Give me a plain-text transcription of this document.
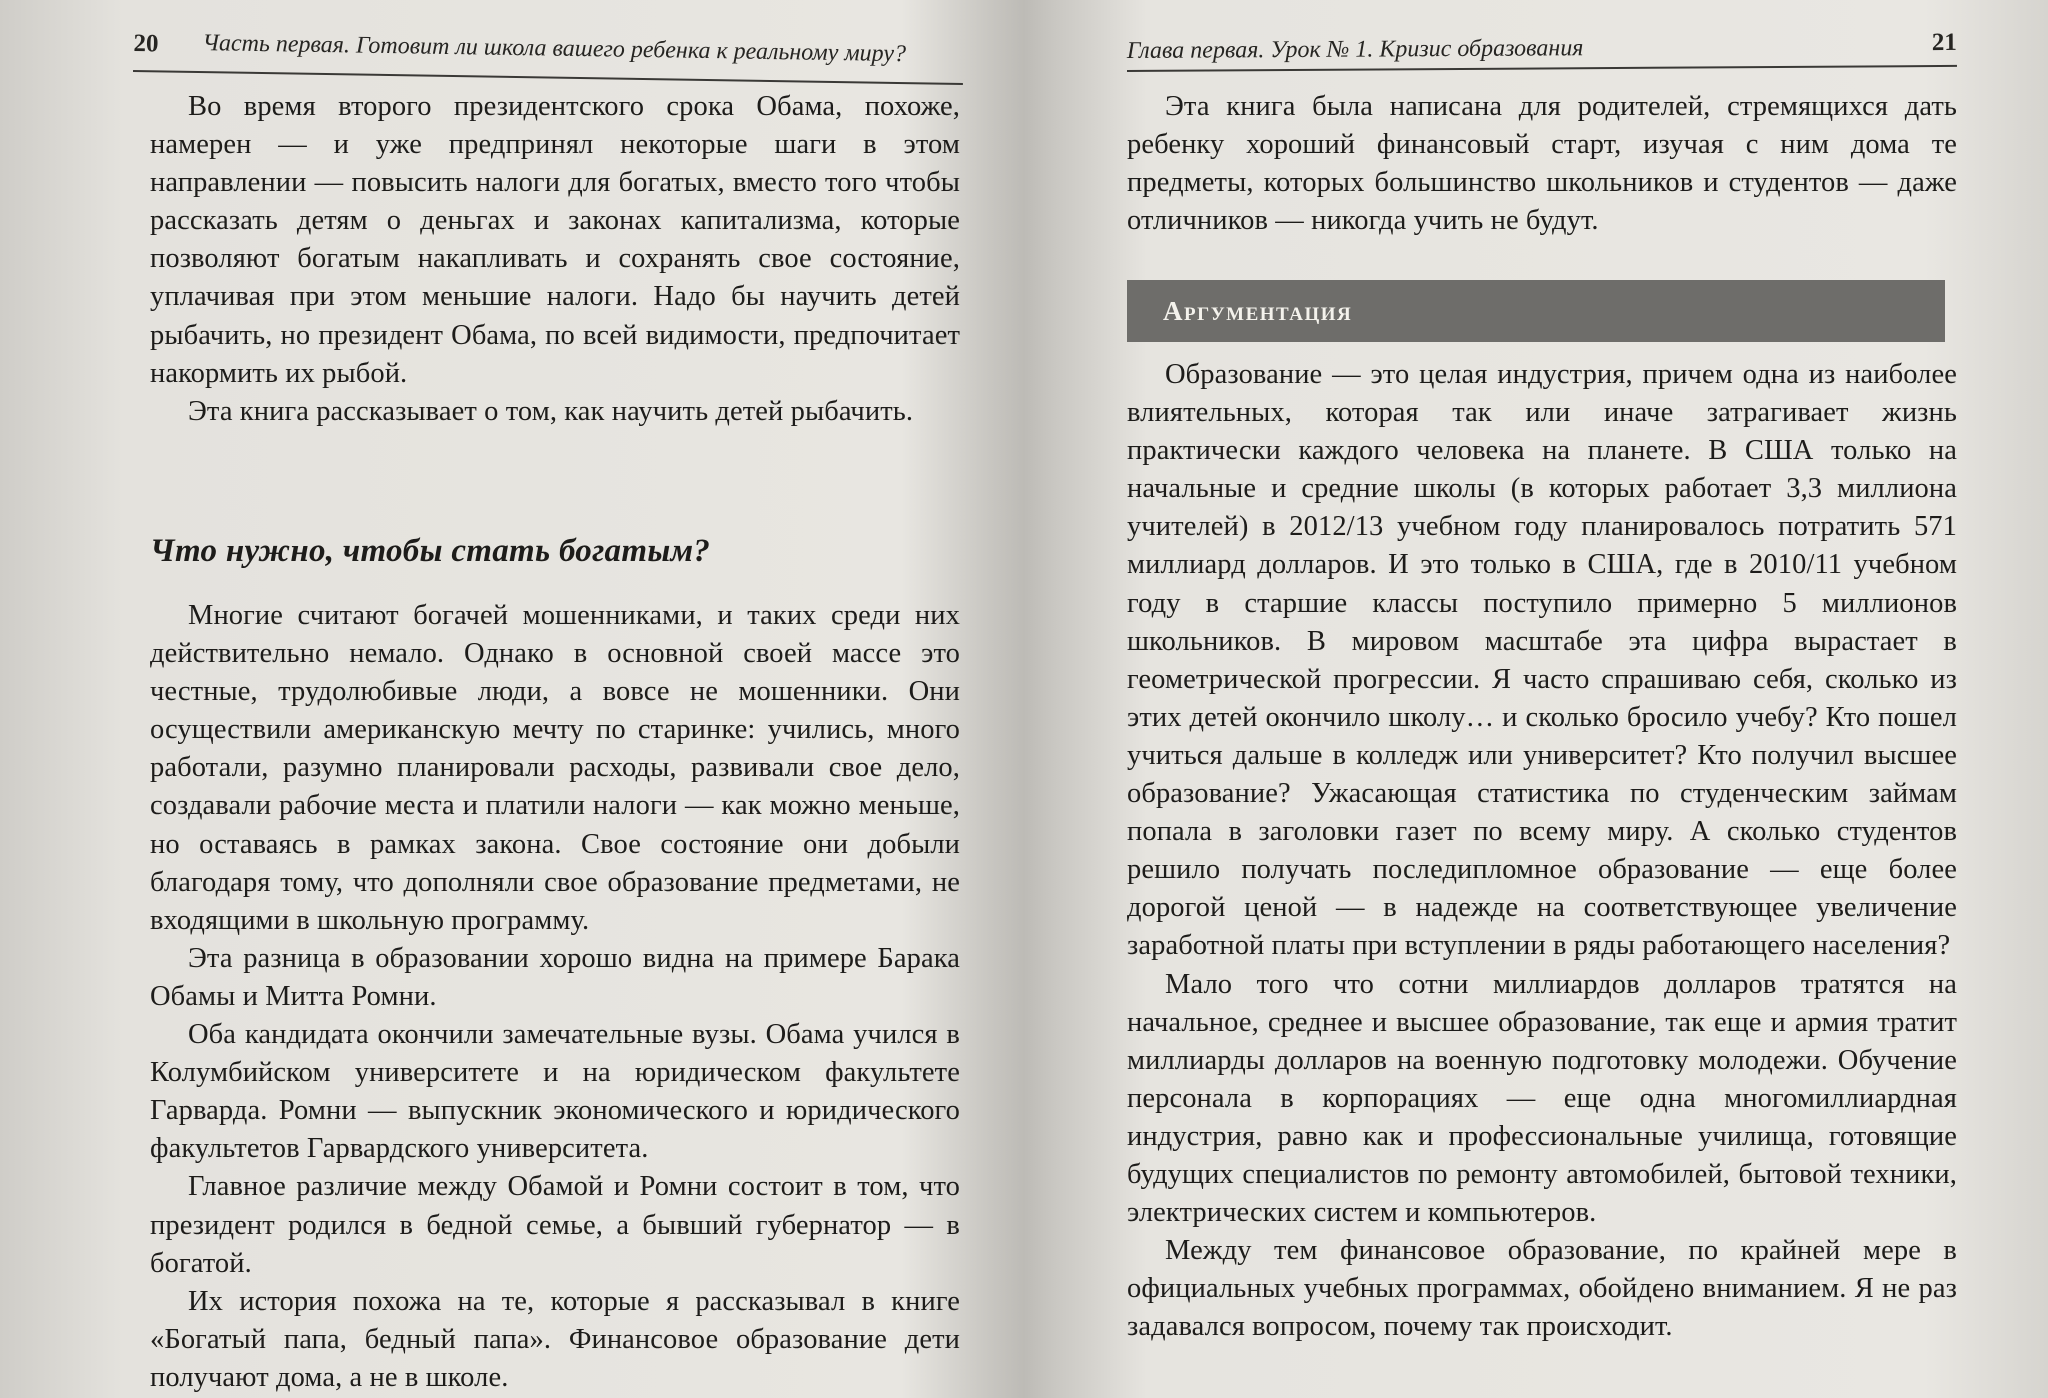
20 Часть первая. Готовит ли школа вашего ребенка к реальному миру?

Во время второго президентского срока Обама, похоже, намерен — и уже предпринял некоторые шаги в этом направлении — повысить налоги для богатых, вместо того чтобы рассказать детям о деньгах и законах капитализма, которые позволяют богатым накапливать и сохранять свое состояние, уплачивая при этом меньшие налоги. Надо бы научить детей рыбачить, но президент Обама, по всей видимости, предпочитает накормить их рыбой.

Эта книга рассказывает о том, как научить детей рыбачить.

Что нужно, чтобы стать богатым?

Многие считают богачей мошенниками, и таких среди них действительно немало. Однако в основной своей массе это честные, трудолюбивые люди, а вовсе не мошенники. Они осуществили американскую мечту по старинке: учились, много работали, разумно планировали расходы, развивали свое дело, создавали рабочие места и платили налоги — как можно меньше, но оставаясь в рамках закона. Свое состояние они добыли благодаря тому, что дополняли свое образование предметами, не входящими в школьную программу.

Эта разница в образовании хорошо видна на примере Барака Обамы и Митта Ромни.

Оба кандидата окончили замечательные вузы. Обама учился в Колумбийском университете и на юридическом факультете Гарварда. Ромни — выпускник экономического и юридического факультетов Гарвардского университета.

Главное различие между Обамой и Ромни состоит в том, что президент родился в бедной семье, а бывший губернатор — в богатой.

Их история похожа на те, которые я рассказывал в книге «Богатый папа, бедный папа». Финансовое образование дети получают дома, а не в школе.

Глава первая. Урок № 1. Кризис образования	21

Эта книга была написана для родителей, стремящихся дать ребенку хороший финансовый старт, изучая с ним дома те предметы, которых большинство школьников и студентов — даже отличников — никогда учить не будут.

Аргументация

Образование — это целая индустрия, причем одна из наиболее влиятельных, которая так или иначе затрагивает жизнь практически каждого человека на планете. В США только на начальные и средние школы (в которых работает 3,3 миллиона учителей) в 2012/13 учебном году планировалось потратить 571 миллиард долларов. И это только в США, где в 2010/11 учебном году в старшие классы поступило примерно 5 миллионов школьников. В мировом масштабе эта цифра вырастает в геометрической прогрессии. Я часто спрашиваю себя, сколько из этих детей окончило школу… и сколько бросило учебу? Кто пошел учиться дальше в колледж или университет? Кто получил высшее образование? Ужасающая статистика по студенческим займам попала в заголовки газет по всему миру. А сколько студентов решило получать последипломное образование — еще более дорогой ценой — в надежде на соответствующее увеличение заработной платы при вступлении в ряды работающего населения?

Мало того что сотни миллиардов долларов тратятся на начальное, среднее и высшее образование, так еще и армия тратит миллиарды долларов на военную подготовку молодежи. Обучение персонала в корпорациях — еще одна многомиллиардная индустрия, равно как и профессиональные училища, готовящие будущих специалистов по ремонту автомобилей, бытовой техники, электрических систем и компьютеров.

Между тем финансовое образование, по крайней мере в официальных учебных программах, обойдено вниманием. Я не раз задавался вопросом, почему так происходит.
